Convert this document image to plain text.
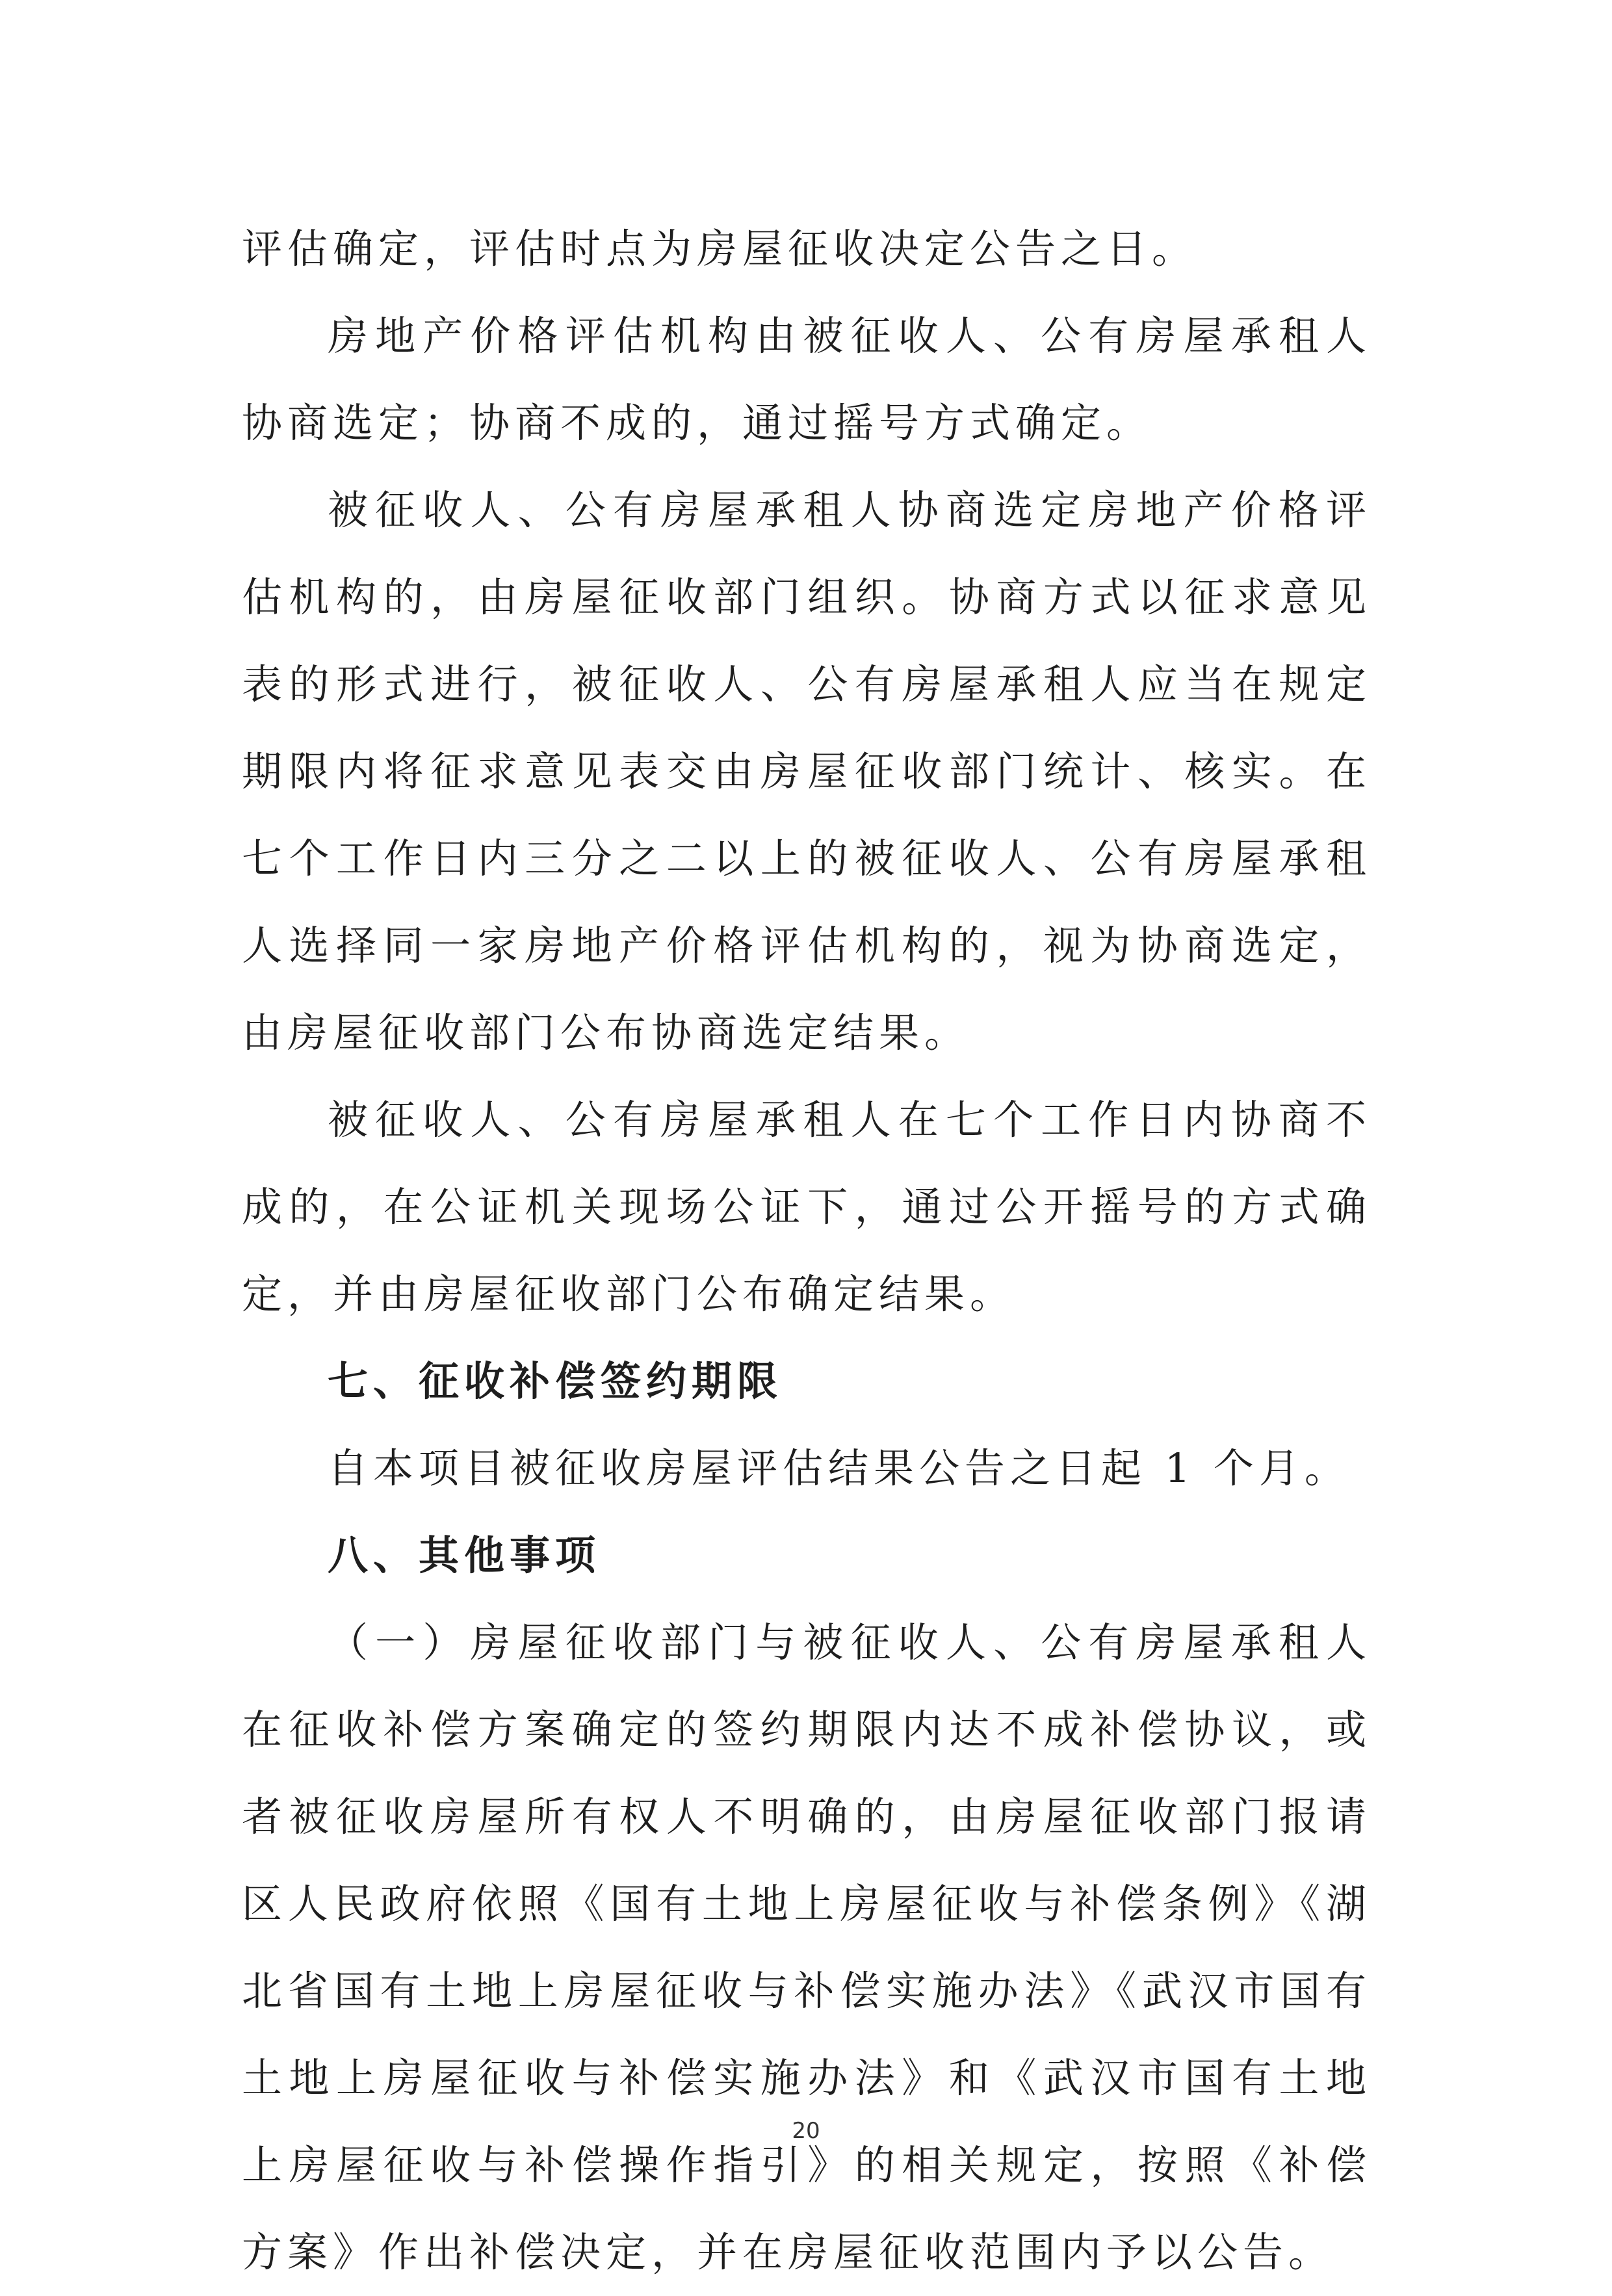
评估确定，评估时点为房屋征收决定公告之日。

房地产价格评估机构由被征收人、公有房屋承租人协商选定；协商不成的，通过摇号方式确定。

被征收人、公有房屋承租人协商选定房地产价格评估机构的，由房屋征收部门组织。协商方式以征求意见表的形式进行，被征收人、公有房屋承租人应当在规定期限内将征求意见表交由房屋征收部门统计、核实。在七个工作日内三分之二以上的被征收人、公有房屋承租人选择同一家房地产价格评估机构的，视为协商选定，由房屋征收部门公布协商选定结果。

被征收人、公有房屋承租人在七个工作日内协商不成的，在公证机关现场公证下，通过公开摇号的方式确定，并由房屋征收部门公布确定结果。

七、征收补偿签约期限

自本项目被征收房屋评估结果公告之日起 1 个月。

八、其他事项

（一）房屋征收部门与被征收人、公有房屋承租人在征收补偿方案确定的签约期限内达不成补偿协议，或者被征收房屋所有权人不明确的，由房屋征收部门报请区人民政府依照《国有土地上房屋征收与补偿条例》《湖北省国有土地上房屋征收与补偿实施办法》《武汉市国有土地上房屋征收与补偿实施办法》和《武汉市国有土地上房屋征收与补偿操作指引》的相关规定，按照《补偿方案》作出补偿决定，并在房屋征收范围内予以公告。

20
